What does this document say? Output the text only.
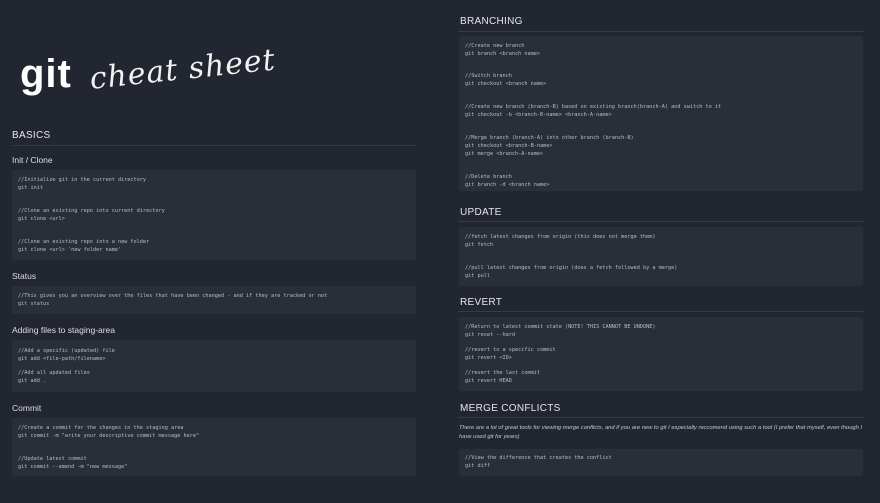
git cheat sheet
BASICS
Init / Clone
//Initialize git in the current directory
git init
//Clone an existing repo into current directory
git clone <url>
//Clone an existing repo into a new folder
git clone <url> 'new folder name'
Status
//This gives you an overview over the files that have been changed - and if they are tracked or not
git status
Adding files to staging-area
//Add a specific (updated) file
git add <file-path/filename>
//Add all updated files
git add .
Commit
//Create a commit for the changes in the staging area
git commit -m "write your descriptive commit message here"
//Update latest commit
git commit --amend -m "new message"
BRANCHING
//Create new branch
git branch <branch name>
//Switch branch
git checkout <branch name>
//Create new branch (branch-B) based on existing branch(branch-A) and switch to it
git checkout -b <branch-B-name> <branch-A-name>
//Merge branch (branch-A) into other branch (branch-B)
git checkout <branch-B-name>
git merge <branch-A-name>
//Delete branch
git branch -d <branch name>
UPDATE
//fetch latest changes from origin (this does not merge them)
git fetch
//pull latest changes from origin (does a fetch followed by a merge)
git pull
REVERT
//Return to latest commit state (NOTE! THIS CANNOT BE UNDONE)
git reset --hard
//revert to a specific commit
git revert <ID>
//revert the last commit
git revert HEAD
MERGE CONFLICTS
There are a lot of great tools for viewing merge conflicts, and if you are new to git I especially reccomend using such a tool (I prefer that myself, even though I have used git for years)
//View the difference that creates the conflict
git diff
